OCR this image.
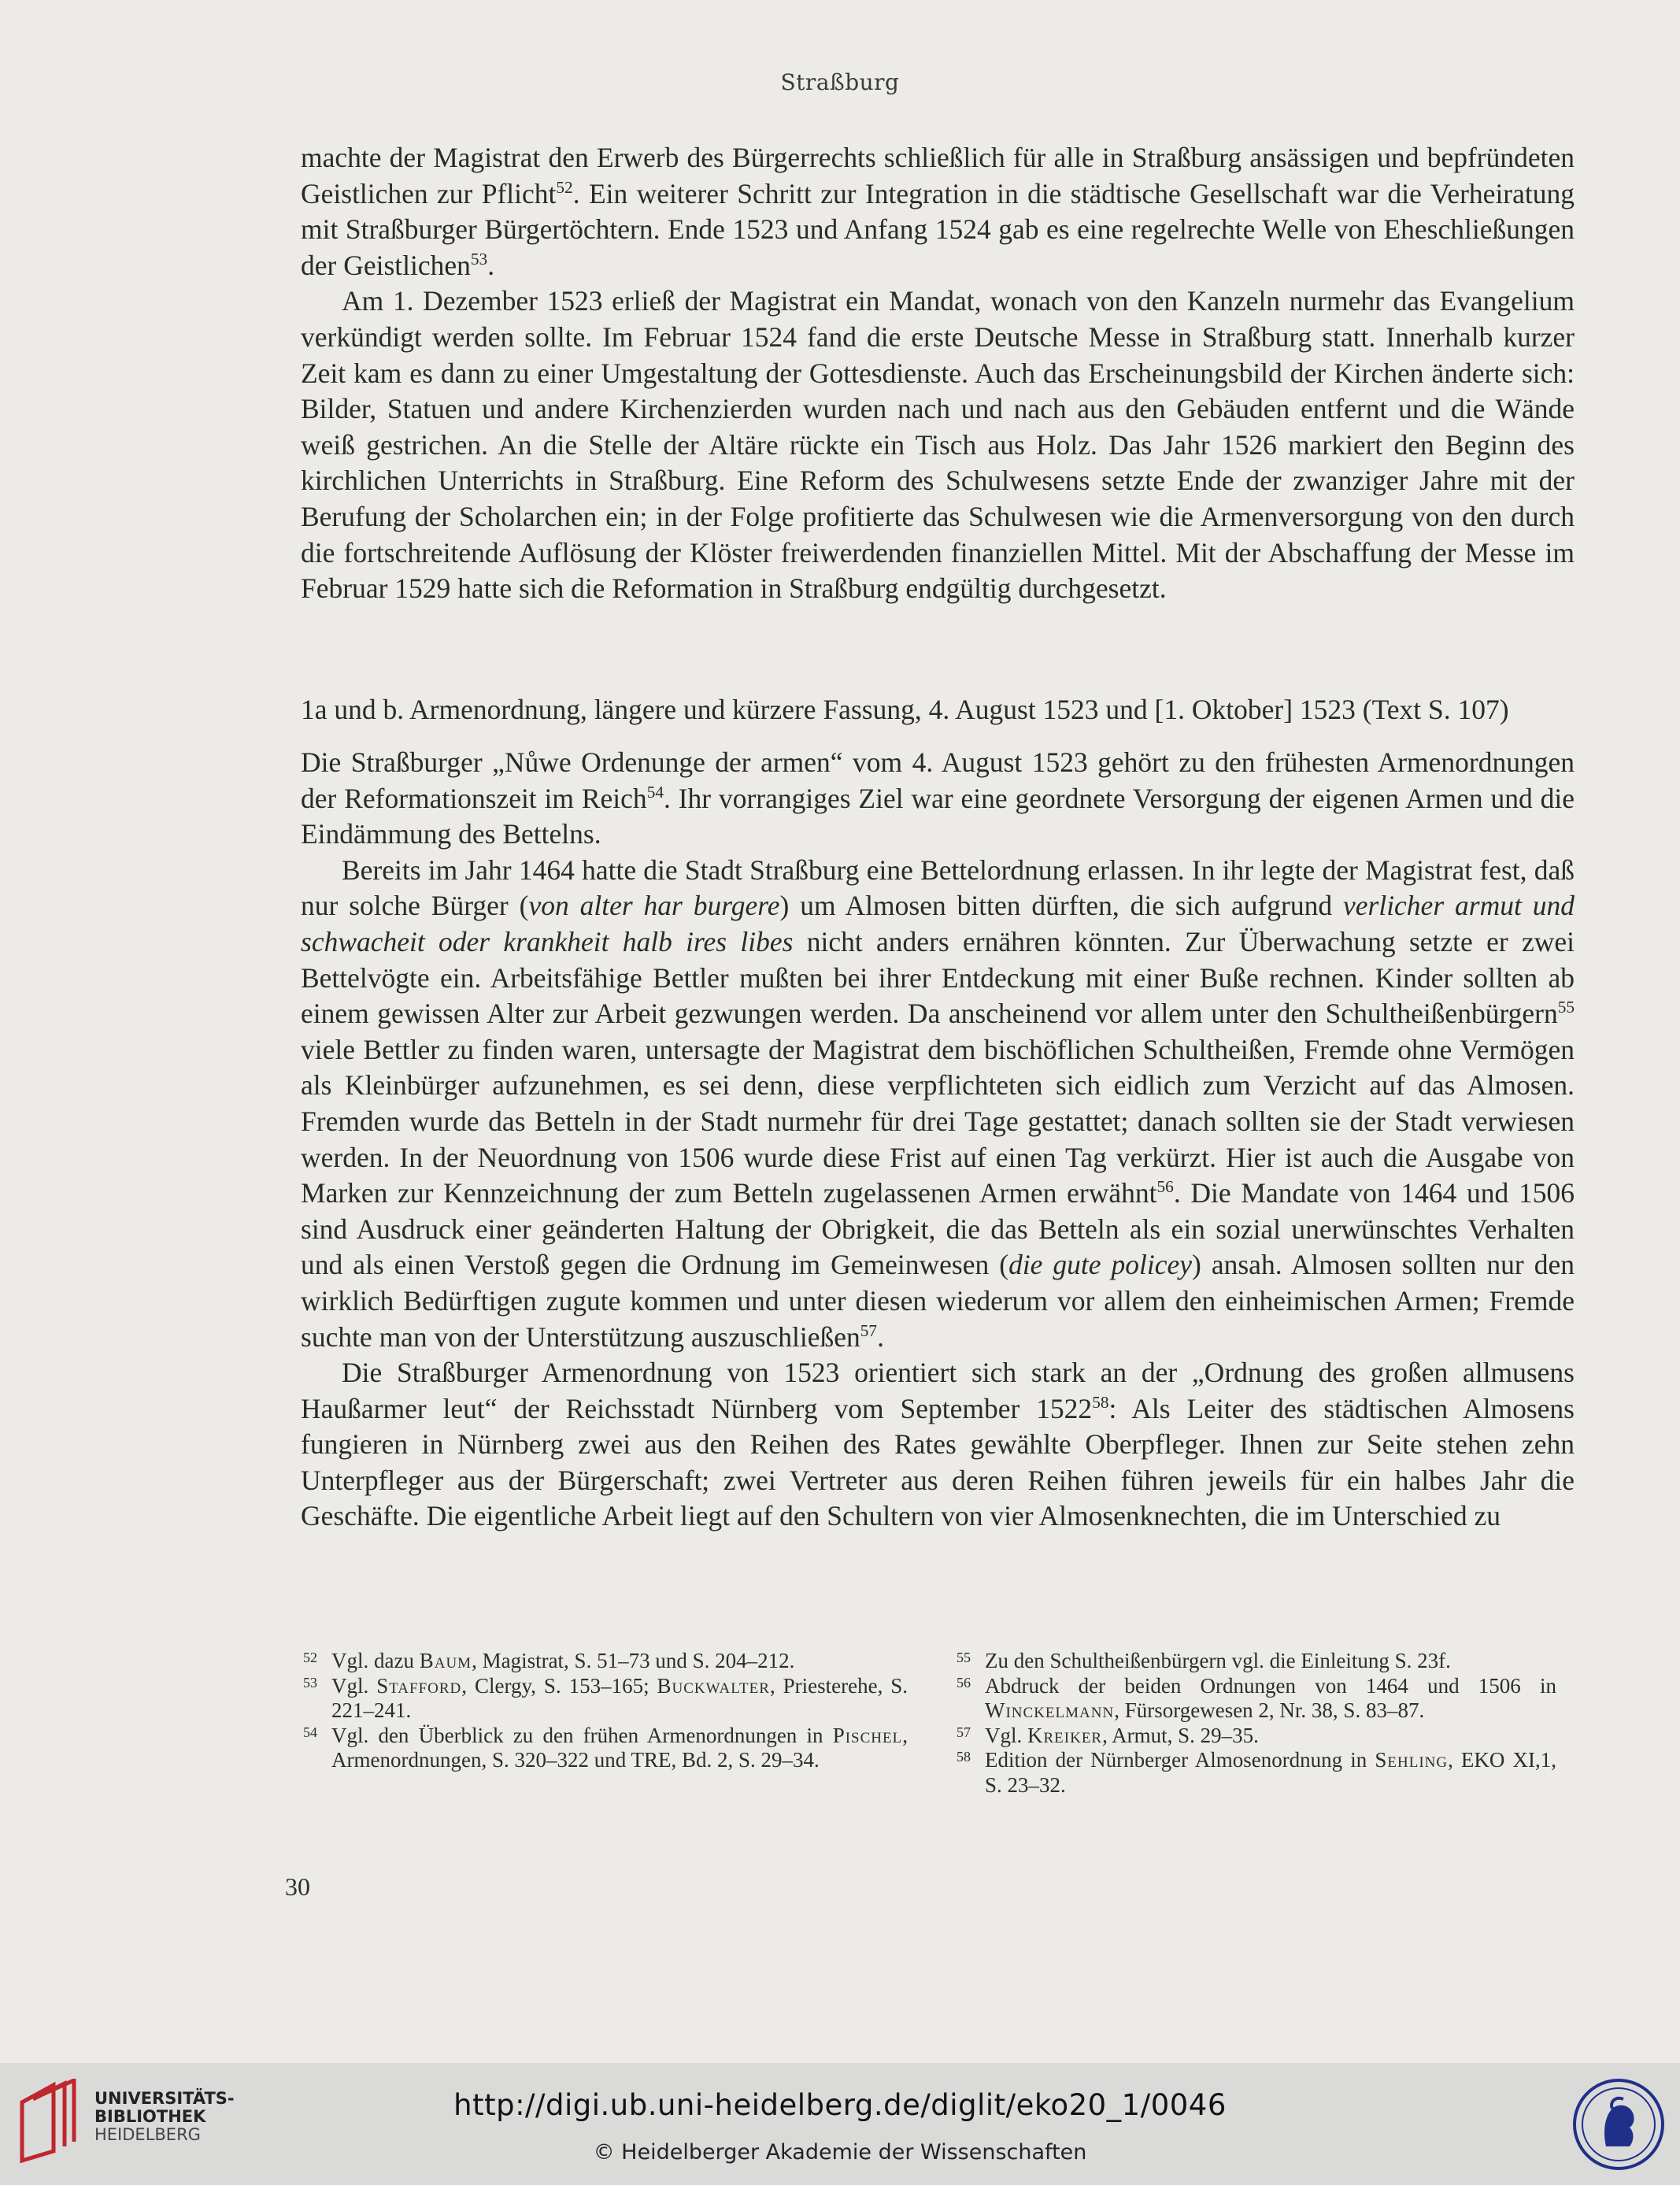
Straßburg

machte der Magistrat den Erwerb des Bürgerrechts schließlich für alle in Straßburg ansässigen und bepfründeten Geistlichen zur Pflicht$^{52}$. Ein weiterer Schritt zur Integration in die städtische Gesellschaft war die Verheiratung mit Straßburger Bürgertöchtern. Ende 1523 und Anfang 1524 gab es eine regelrechte Welle von Eheschließungen der Geistlichen$^{53}$.

Am 1. Dezember 1523 erließ der Magistrat ein Mandat, wonach von den Kanzeln nurmehr das Evangelium verkündigt werden sollte. Im Februar 1524 fand die erste Deutsche Messe in Straßburg statt. Innerhalb kurzer Zeit kam es dann zu einer Umgestaltung der Gottesdienste. Auch das Erscheinungsbild der Kirchen änderte sich: Bilder, Statuen und andere Kirchenzierden wurden nach und nach aus den Gebäuden entfernt und die Wände weiß gestrichen. An die Stelle der Altäre rückte ein Tisch aus Holz. Das Jahr 1526 markiert den Beginn des kirchlichen Unterrichts in Straßburg. Eine Reform des Schulwesens setzte Ende der zwanziger Jahre mit der Berufung der Scholarchen ein; in der Folge profitierte das Schulwesen wie die Armenversorgung von den durch die fortschreitende Auflösung der Klöster freiwerdenden finanziellen Mittel. Mit der Abschaffung der Messe im Februar 1529 hatte sich die Reformation in Straßburg endgültig durchgesetzt.

1a und b. Armenordnung, längere und kürzere Fassung, 4. August 1523 und [1. Oktober] 1523 (Text S. 107)

Die Straßburger „Nůwe Ordenunge der armen“ vom 4. August 1523 gehört zu den frühesten Armenordnungen der Reformationszeit im Reich$^{54}$. Ihr vorrangiges Ziel war eine geordnete Versorgung der eigenen Armen und die Eindämmung des Bettelns.

Bereits im Jahr 1464 hatte die Stadt Straßburg eine Bettelordnung erlassen. In ihr legte der Magistrat fest, daß nur solche Bürger (von alter har burgere) um Almosen bitten dürften, die sich aufgrund verlicher armut und schwacheit oder krankheit halb ires libes nicht anders ernähren könnten. Zur Überwachung setzte er zwei Bettelvögte ein. Arbeitsfähige Bettler mußten bei ihrer Entdeckung mit einer Buße rechnen. Kinder sollten ab einem gewissen Alter zur Arbeit gezwungen werden. Da anscheinend vor allem unter den Schultheißenbürgern$^{55}$ viele Bettler zu finden waren, untersagte der Magistrat dem bischöflichen Schultheißen, Fremde ohne Vermögen als Kleinbürger aufzunehmen, es sei denn, diese verpflichteten sich eidlich zum Verzicht auf das Almosen. Fremden wurde das Betteln in der Stadt nurmehr für drei Tage gestattet; danach sollten sie der Stadt verwiesen werden. In der Neuordnung von 1506 wurde diese Frist auf einen Tag verkürzt. Hier ist auch die Ausgabe von Marken zur Kennzeichnung der zum Betteln zugelassenen Armen erwähnt$^{56}$. Die Mandate von 1464 und 1506 sind Ausdruck einer geänderten Haltung der Obrigkeit, die das Betteln als ein sozial unerwünschtes Verhalten und als einen Verstoß gegen die Ordnung im Gemeinwesen (die gute policey) ansah. Almosen sollten nur den wirklich Bedürftigen zugute kommen und unter diesen wiederum vor allem den einheimischen Armen; Fremde suchte man von der Unterstützung auszuschließen$^{57}$.

Die Straßburger Armenordnung von 1523 orientiert sich stark an der „Ordnung des großen allmusens Haußarmer leut“ der Reichsstadt Nürnberg vom September 1522$^{58}$: Als Leiter des städtischen Almosens fungieren in Nürnberg zwei aus den Reihen des Rates gewählte Oberpfleger. Ihnen zur Seite stehen zehn Unterpfleger aus der Bürgerschaft; zwei Vertreter aus deren Reihen führen jeweils für ein halbes Jahr die Geschäfte. Die eigentliche Arbeit liegt auf den Schultern von vier Almosenknechten, die im Unterschied zu

52 Vgl. dazu Baum, Magistrat, S. 51–73 und S. 204–212.
53 Vgl. Stafford, Clergy, S. 153–165; Buckwalter, Priesterehe, S. 221–241.
54 Vgl. den Überblick zu den frühen Armenordnungen in Pischel, Armenordnungen, S. 320–322 und TRE, Bd. 2, S. 29–34.
55 Zu den Schultheißenbürgern vgl. die Einleitung S. 23f.
56 Abdruck der beiden Ordnungen von 1464 und 1506 in Winckelmann, Fürsorgewesen 2, Nr. 38, S. 83–87.
57 Vgl. Kreiker, Armut, S. 29–35.
58 Edition der Nürnberger Almosenordnung in Sehling, EKO XI,1, S. 23–32.
30
UNIVERSITÄTS-
BIBLIOTHEK
HEIDELBERG
http://digi.ub.uni-heidelberg.de/diglit/eko20_1/0046
© Heidelberger Akademie der Wissenschaften
